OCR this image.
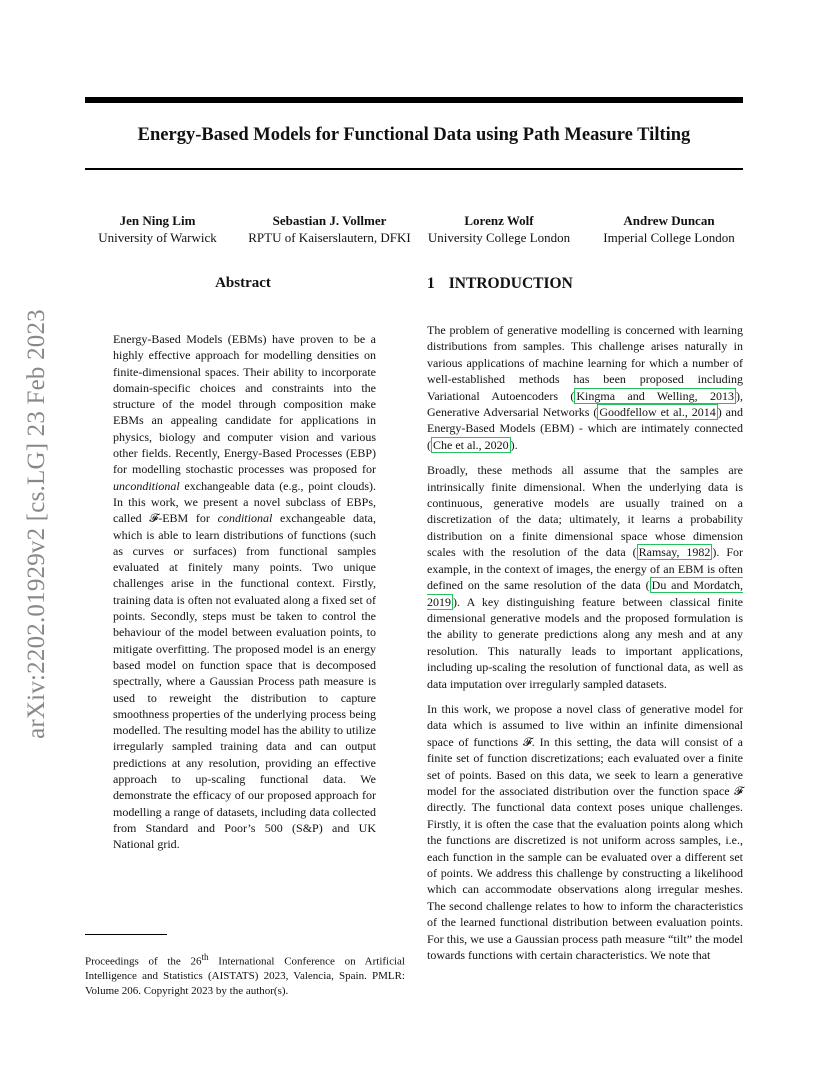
Energy-Based Models for Functional Data using Path Measure Tilting
Jen Ning Lim
University of Warwick
Sebastian J. Vollmer
RPTU of Kaiserslautern, DFKI
Lorenz Wolf
University College London
Andrew Duncan
Imperial College London
arXiv:2202.01929v2 [cs.LG] 23 Feb 2023
Abstract

Energy-Based Models (EBMs) have proven to be a highly effective approach for modelling densities on finite-dimensional spaces. Their ability to incorporate domain-specific choices and constraints into the structure of the model through composition make EBMs an appealing candidate for applications in physics, biology and computer vision and various other fields. Recently, Energy-Based Processes (EBP) for modelling stochastic processes was proposed for unconditional exchangeable data (e.g., point clouds). In this work, we present a novel subclass of EBPs, called 𝓕-EBM for conditional exchangeable data, which is able to learn distributions of functions (such as curves or surfaces) from functional samples evaluated at finitely many points. Two unique challenges arise in the functional context. Firstly, training data is often not evaluated along a fixed set of points. Secondly, steps must be taken to control the behaviour of the model between evaluation points, to mitigate overfitting. The proposed model is an energy based model on function space that is decomposed spectrally, where a Gaussian Process path measure is used to reweight the distribution to capture smoothness properties of the underlying process being modelled. The resulting model has the ability to utilize irregularly sampled training data and can output predictions at any resolution, providing an effective approach to up-scaling functional data. We demonstrate the efficacy of our proposed approach for modelling a range of datasets, including data collected from Standard and Poor’s 500 (S&P) and UK National grid.

Proceedings of the 26th International Conference on Artificial Intelligence and Statistics (AISTATS) 2023, Valencia, Spain. PMLR: Volume 206. Copyright 2023 by the author(s).

1 INTRODUCTION

The problem of generative modelling is concerned with learning distributions from samples. This challenge arises naturally in various applications of machine learning for which a number of well-established methods has been proposed including Variational Autoencoders ( Kingma and Welling, 2013 ), Generative Adversarial Networks ( Goodfellow et al., 2014 ) and Energy-Based Models (EBM) - which are intimately connected ( Che et al., 2020 ).

Broadly, these methods all assume that the samples are intrinsically finite dimensional. When the underlying data is continuous, generative models are usually trained on a discretization of the data; ultimately, it learns a probability distribution on a finite dimensional space whose dimension scales with the resolution of the data ( Ramsay, 1982 ). For example, in the context of images, the energy of an EBM is often defined on the same resolution of the data ( Du and Mordatch, 2019 ). A key distinguishing feature between classical finite dimensional generative models and the proposed formulation is the ability to generate predictions along any mesh and at any resolution. This naturally leads to important applications, including up-scaling the resolution of functional data, as well as data imputation over irregularly sampled datasets.

In this work, we propose a novel class of generative model for data which is assumed to live within an infinite dimensional space of functions 𝓕. In this setting, the data will consist of a finite set of function discretizations; each evaluated over a finite set of points. Based on this data, we seek to learn a generative model for the associated distribution over the function space 𝓕 directly. The functional data context poses unique challenges. Firstly, it is often the case that the evaluation points along which the functions are discretized is not uniform across samples, i.e., each function in the sample can be evaluated over a different set of points. We address this challenge by constructing a likelihood which can accommodate observations along irregular meshes. The second challenge relates to how to inform the characteristics of the learned functional distribution between evaluation points. For this, we use a Gaussian process path measure “tilt” the model towards functions with certain characteristics. We note that
